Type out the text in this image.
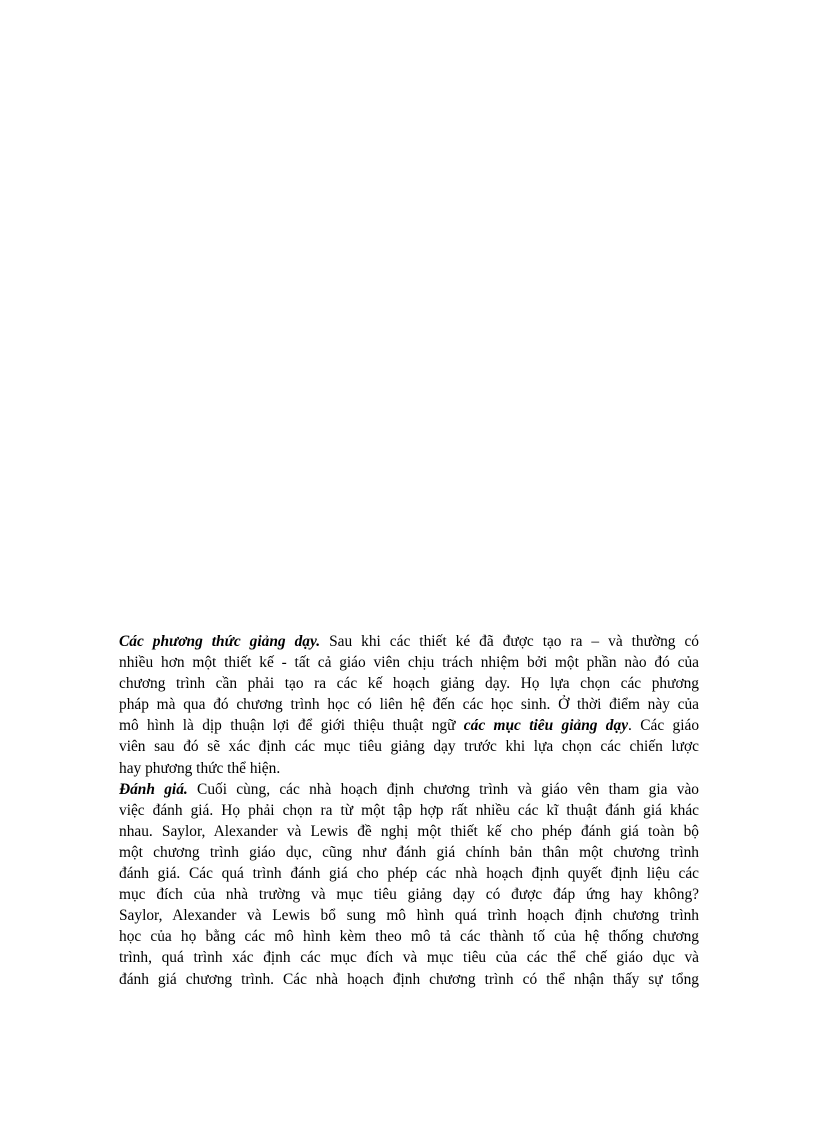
Các phương thức giảng dạy. Sau khi các thiết ké đã được tạo ra – và thường có
nhiều hơn một thiết kế - tất cả giáo viên chịu trách nhiệm bởi một phần nào đó của
chương trình cần phải tạo ra các kế hoạch giảng dạy. Họ lựa chọn các phương
pháp mà qua đó chương trình học có liên hệ đến các học sinh. Ở thời điểm này của
mô hình là dịp thuận lợi để giới thiệu thuật ngữ các mục tiêu giảng dạy. Các giáo
viên sau đó sẽ xác định các mục tiêu giảng dạy trước khi lựa chọn các chiến lược
hay phương thức thể hiện.
Đánh giá. Cuối cùng, các nhà hoạch định chương trình và giáo vên tham gia vào
việc đánh giá. Họ phải chọn ra từ một tập hợp rất nhiều các kĩ thuật đánh giá khác
nhau. Saylor, Alexander và Lewis đề nghị một thiết kế cho phép đánh giá toàn bộ
một chương trình giáo dục, cũng như đánh giá chính bản thân một chương trình
đánh giá. Các quá trình đánh giá cho phép các nhà hoạch định quyết định liệu các
mục đích của nhà trường và mục tiêu giảng dạy có được đáp ứng hay không?
Saylor, Alexander và Lewis bổ sung mô hình quá trình hoạch định chương trình
học của họ bằng các mô hình kèm theo mô tả các thành tố của hệ thống chương
trình, quá trình xác định các mục đích và mục tiêu của các thể chế giáo dục và
đánh giá chương trình. Các nhà hoạch định chương trình có thể nhận thấy sự tổng
